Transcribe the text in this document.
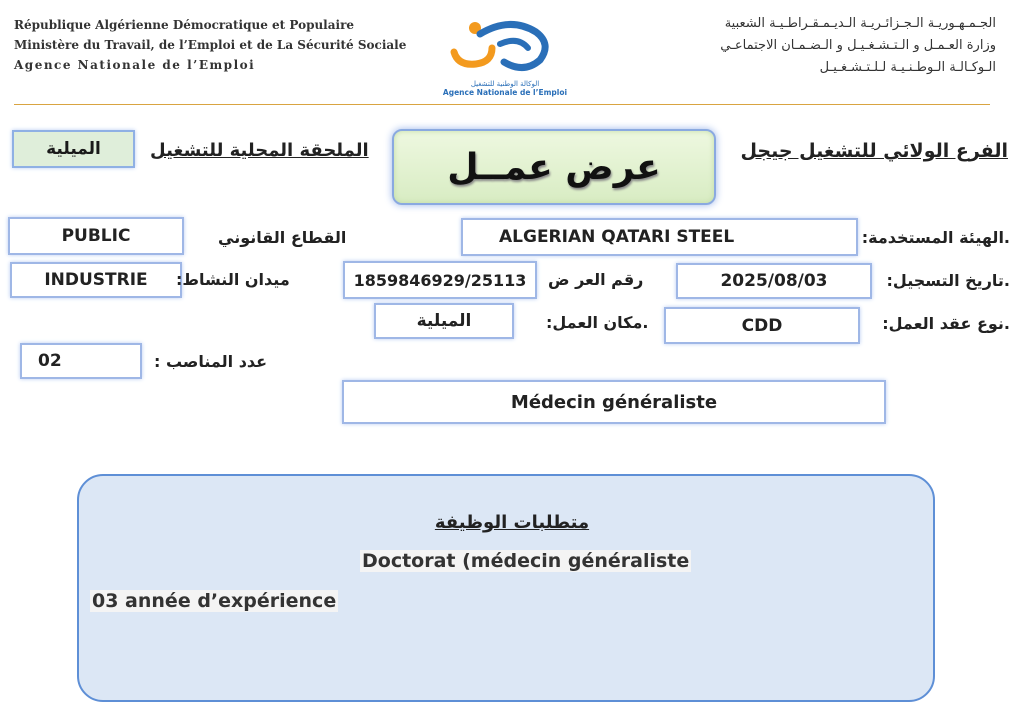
République Algérienne Démocratique et Populaire
Ministère du Travail, de l’Emploi et de La Sécurité Sociale
Agence Nationale de l’Emploi
الوكالة الوطنية للتشغيل
Agence Nationale de l’Emploi
الجـمـهـوريـة الـجـزائـريـة الـديـمـقـراطـيـة الشعبية
وزارة العـمـل و الـتـشـغـيـل و الـضـمـان الاجتماعـي
الـوكـالـة الـوطـنـيـة لـلـتـشـغـيـل
الميلية	الملحقة المحلية للتشغيل	عرض عمــل	الفرع الولائي للتشغيل جيجل
PUBLIC	القطاع القانوني	ALGERIAN QATARI STEEL	.الهيئة المستخدمة:
INDUSTRIE	ميدان النشاط:	1859846929/25113	رقم العر ض	2025/08/03	.تاريخ التسجيل:
الميلية	.مكان العمل:	CDD	.نوع عقد العمل:
02	عدد المناصب :
Médecin généraliste
متطلبات الوظيفة
Doctorat (médecin généraliste
03 année d’expérience
